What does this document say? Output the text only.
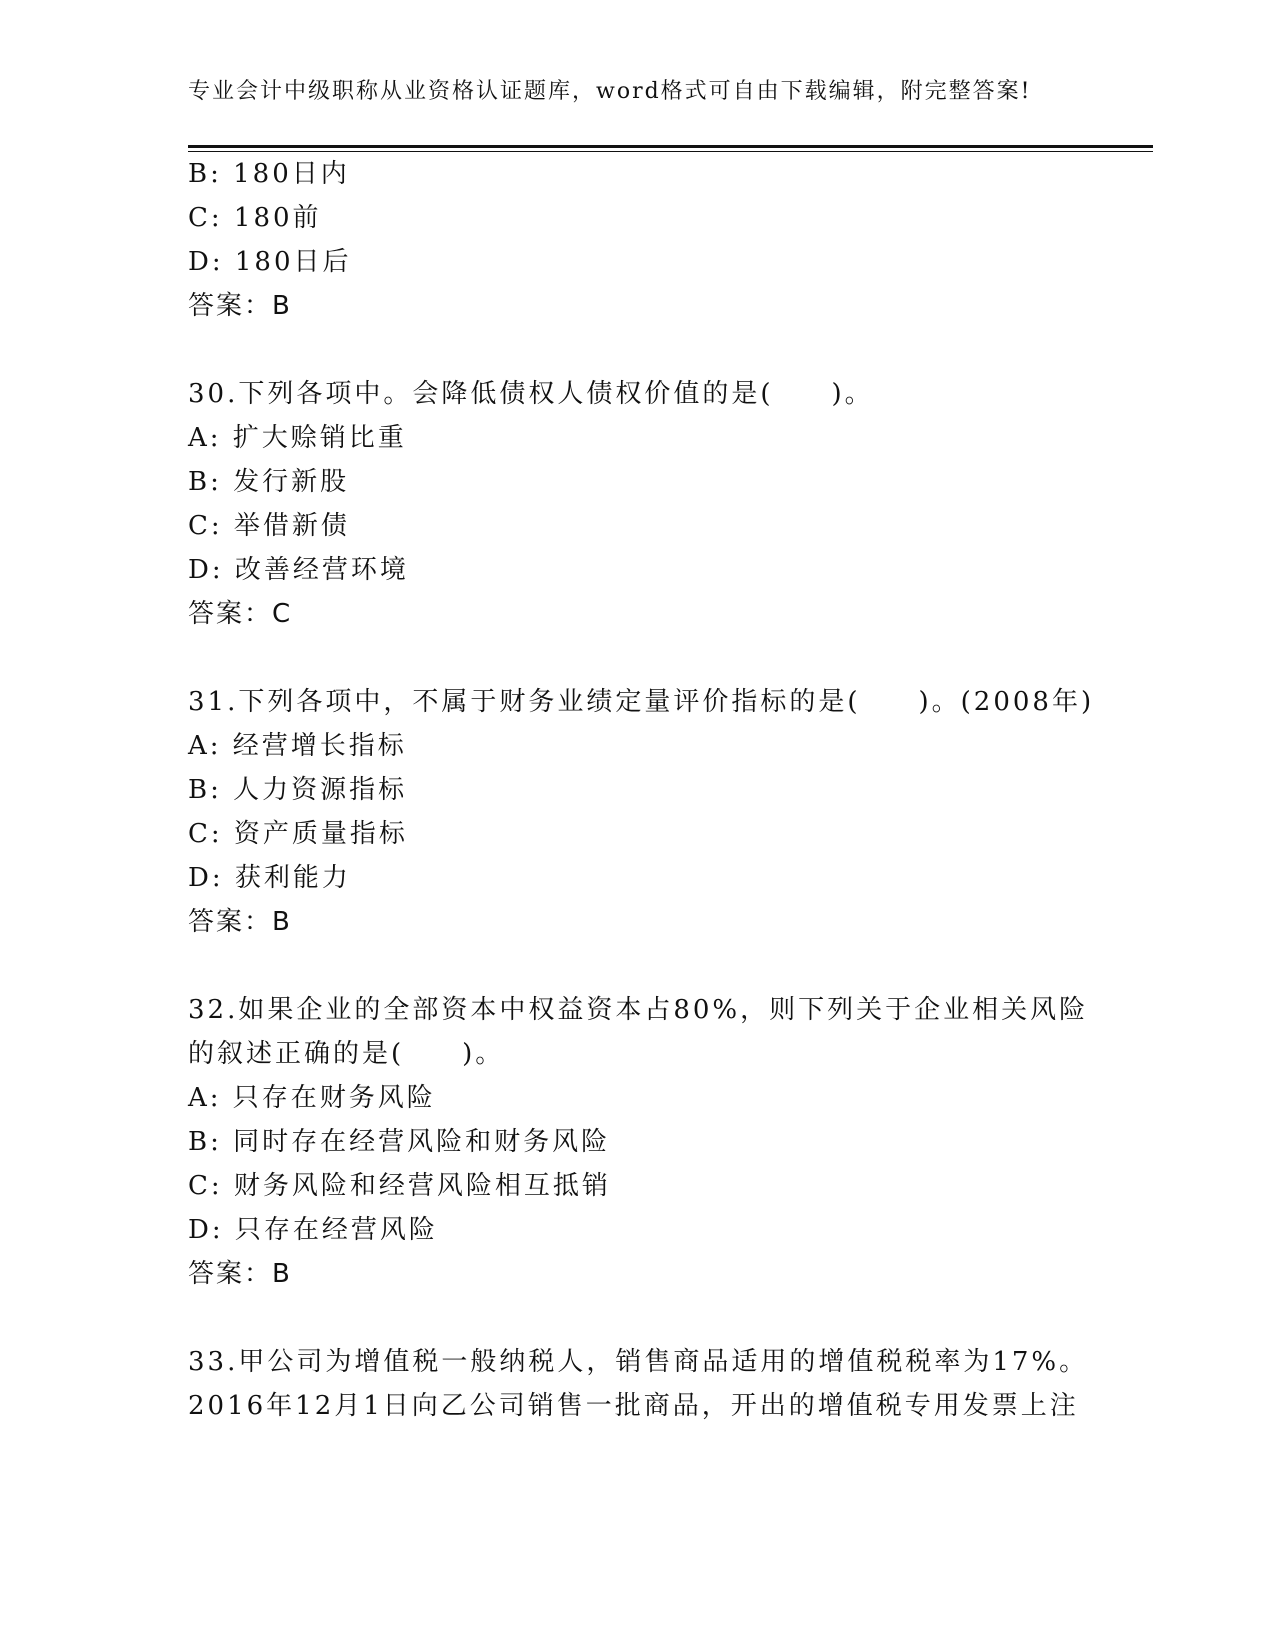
专业会计中级职称从业资格认证题库，word格式可自由下载编辑，附完整答案!
B: 180日内
C: 180前
D: 180日后
答案：B
30.下列各项中。会降低债权人债权价值的是(　　)。
A: 扩大赊销比重
B: 发行新股
C: 举借新债
D: 改善经营环境
答案：C
31.下列各项中，不属于财务业绩定量评价指标的是(　　)。(2008年)
A: 经营增长指标
B: 人力资源指标
C: 资产质量指标
D: 获利能力
答案：B
32.如果企业的全部资本中权益资本占80%，则下列关于企业相关风险
的叙述正确的是(　　)。
A: 只存在财务风险
B: 同时存在经营风险和财务风险
C: 财务风险和经营风险相互抵销
D: 只存在经营风险
答案：B
33.甲公司为增值税一般纳税人，销售商品适用的增值税税率为17%。
2016年12月1日向乙公司销售一批商品，开出的增值税专用发票上注
